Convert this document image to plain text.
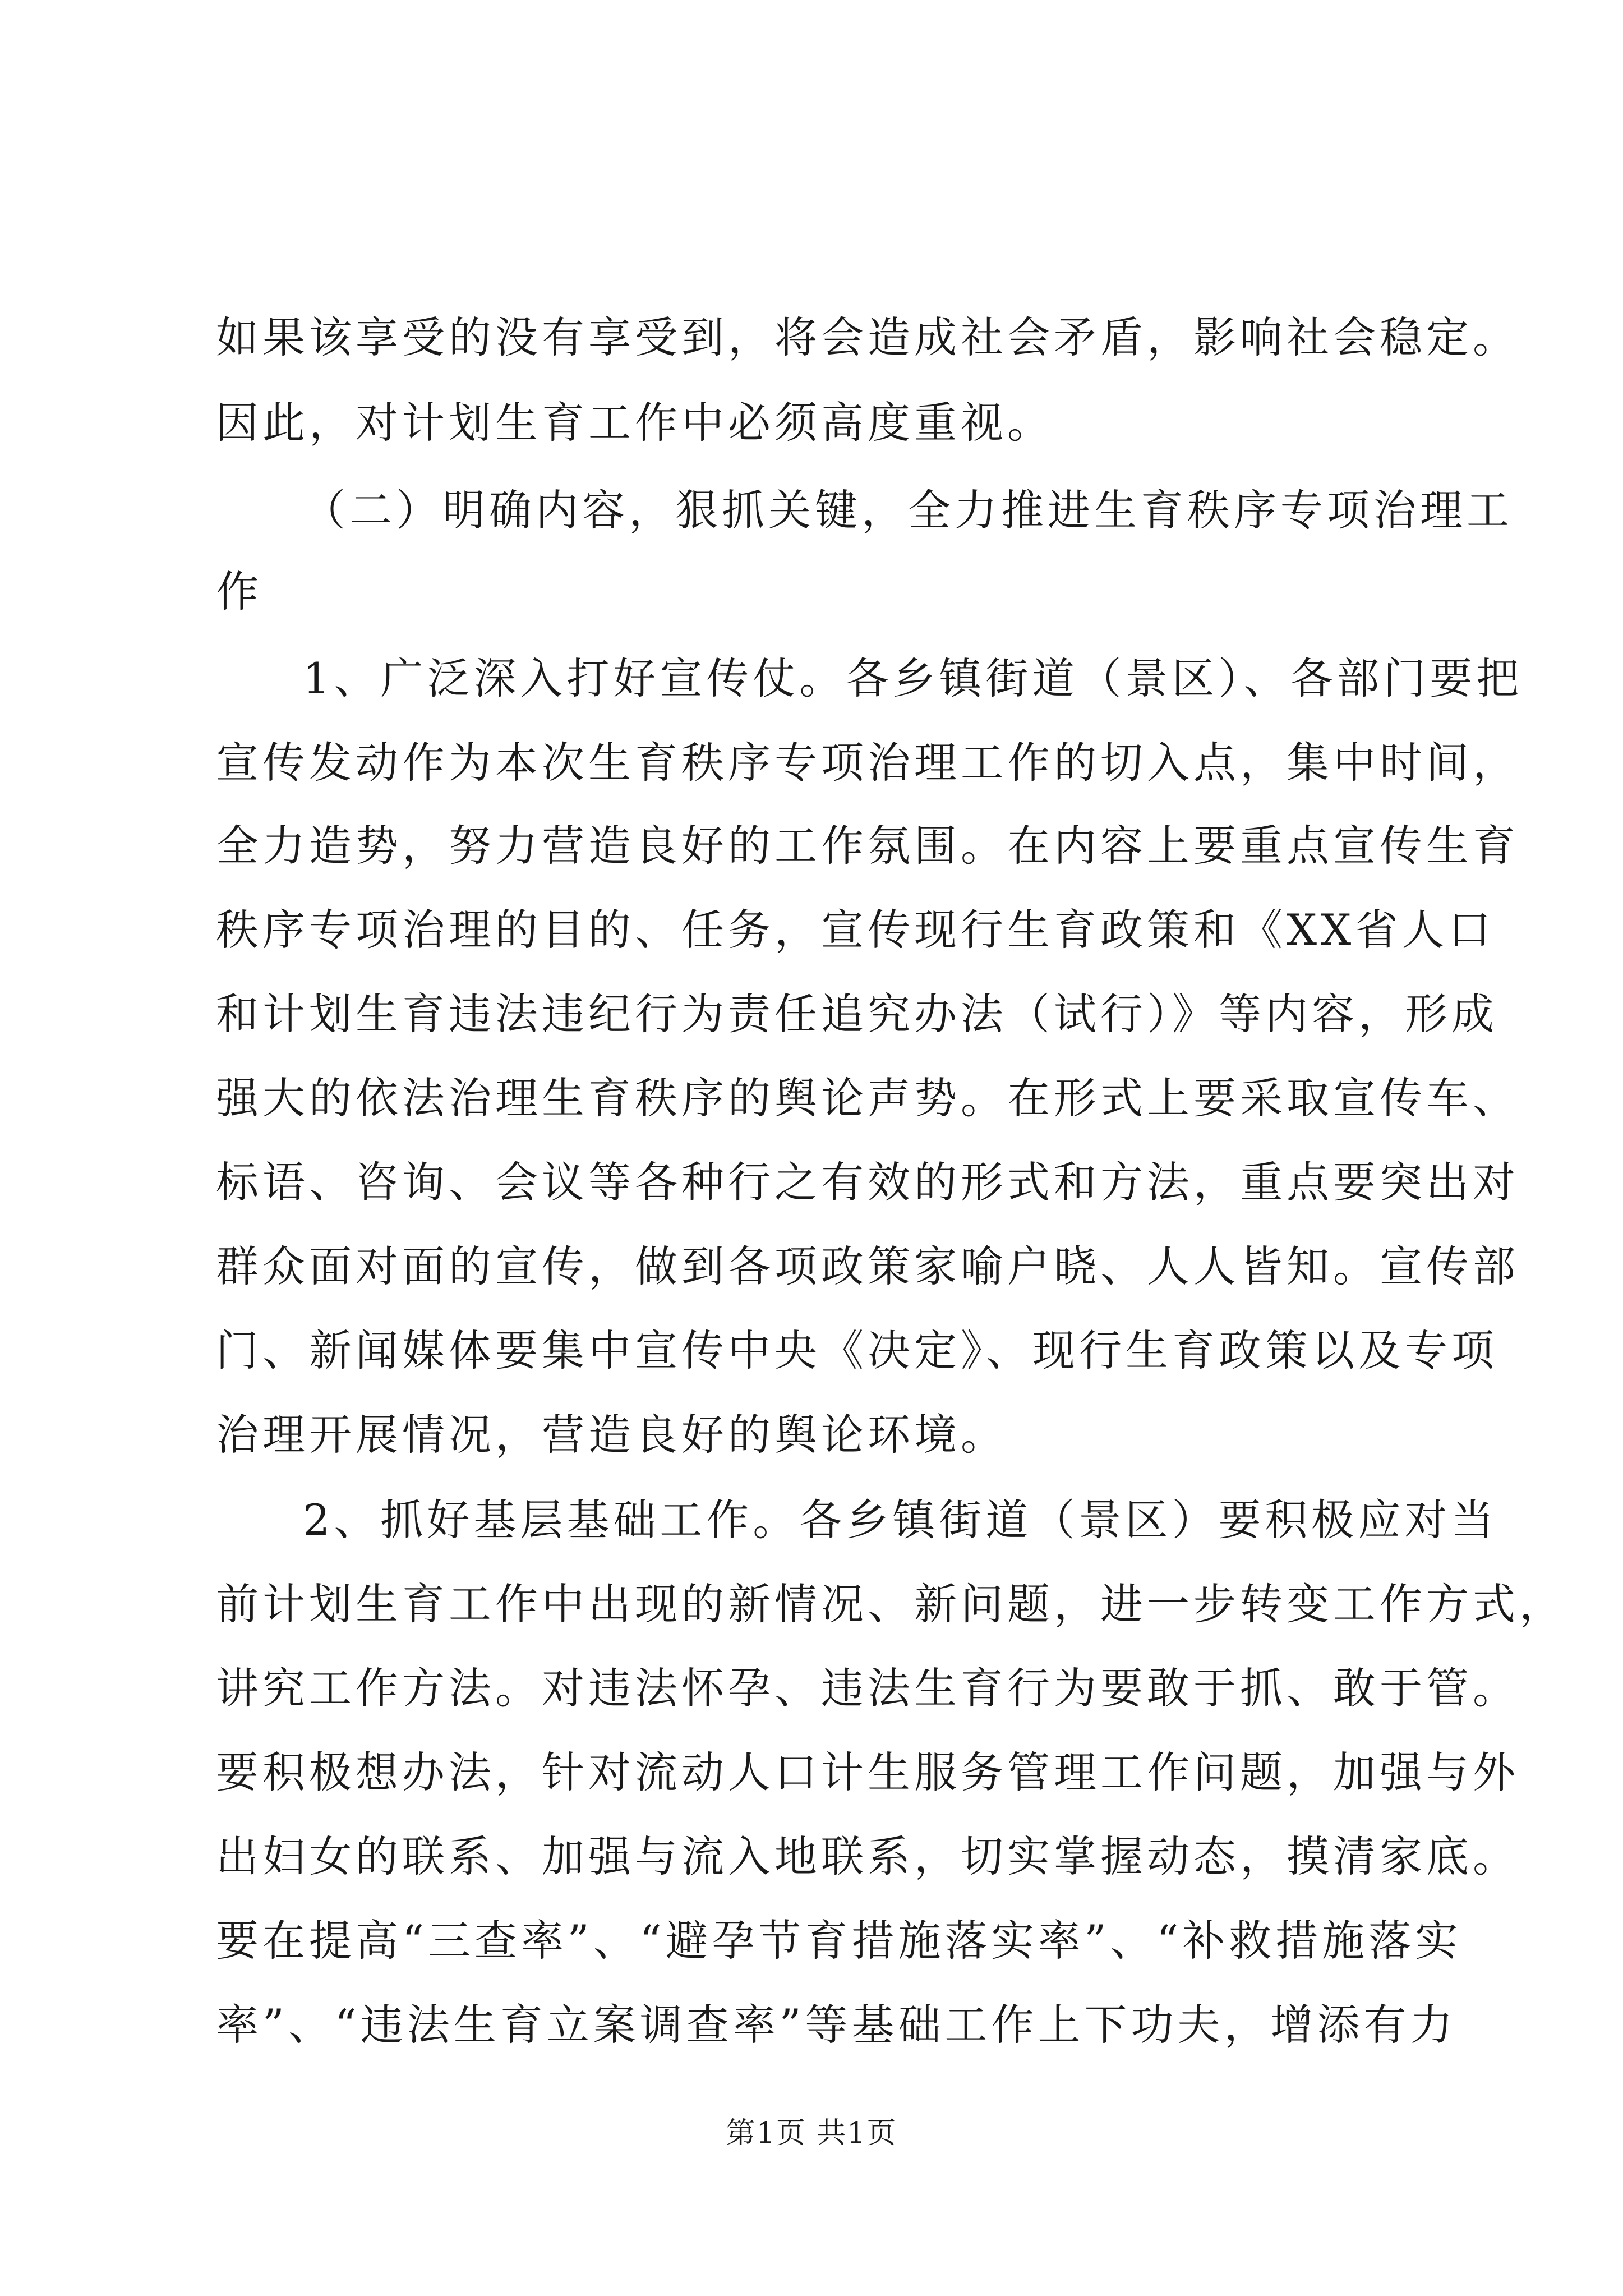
如果该享受的没有享受到，将会造成社会矛盾，影响社会稳定。
因此，对计划生育工作中必须高度重视。
（二）明确内容，狠抓关键，全力推进生育秩序专项治理工
作
1、广泛深入打好宣传仗。各乡镇街道（景区）、各部门要把
宣传发动作为本次生育秩序专项治理工作的切入点，集中时间，
全力造势，努力营造良好的工作氛围。在内容上要重点宣传生育
秩序专项治理的目的、任务，宣传现行生育政策和《XX省人口
和计划生育违法违纪行为责任追究办法（试行）》等内容，形成
强大的依法治理生育秩序的舆论声势。在形式上要采取宣传车、
标语、咨询、会议等各种行之有效的形式和方法，重点要突出对
群众面对面的宣传，做到各项政策家喻户晓、人人皆知。宣传部
门、新闻媒体要集中宣传中央《决定》、现行生育政策以及专项
治理开展情况，营造良好的舆论环境。
2、抓好基层基础工作。各乡镇街道（景区）要积极应对当
前计划生育工作中出现的新情况、新问题，进一步转变工作方式，
讲究工作方法。对违法怀孕、违法生育行为要敢于抓、敢于管。
要积极想办法，针对流动人口计生服务管理工作问题，加强与外
出妇女的联系、加强与流入地联系，切实掌握动态，摸清家底。
要在提高“三查率”、“避孕节育措施落实率”、“补救措施落实
率”、“违法生育立案调查率”等基础工作上下功夫，增添有力
第1页 共1页
